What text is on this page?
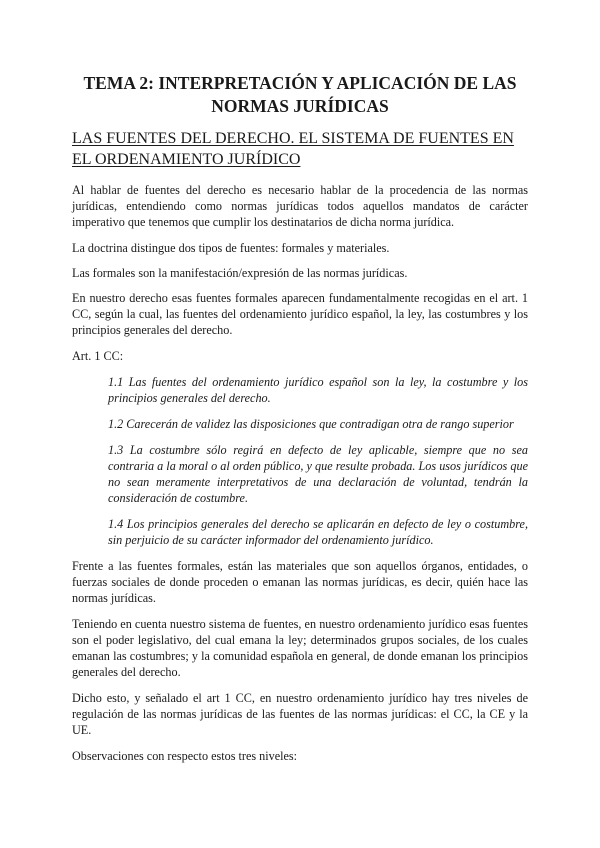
TEMA 2: INTERPRETACIÓN Y APLICACIÓN DE LAS NORMAS JURÍDICAS
LAS FUENTES DEL DERECHO. EL SISTEMA DE FUENTES EN EL ORDENAMIENTO JURÍDICO

Al hablar de fuentes del derecho es necesario hablar de la procedencia de las normas jurídicas, entendiendo como normas jurídicas todos aquellos mandatos de carácter imperativo que tenemos que cumplir los destinatarios de dicha norma jurídica.

La doctrina distingue dos tipos de fuentes: formales y materiales.

Las formales son la manifestación/expresión de las normas jurídicas.

En nuestro derecho esas fuentes formales aparecen fundamentalmente recogidas en el art. 1 CC, según la cual, las fuentes del ordenamiento jurídico español, la ley, las costumbres y los principios generales del derecho.

Art. 1 CC:

1.1 Las fuentes del ordenamiento jurídico español son la ley, la costumbre y los principios generales del derecho.

1.2 Carecerán de validez las disposiciones que contradigan otra de rango superior

1.3 La costumbre sólo regirá en defecto de ley aplicable, siempre que no sea contraria a la moral o al orden público, y que resulte probada. Los usos jurídicos que no sean meramente interpretativos de una declaración de voluntad, tendrán la consideración de costumbre.

1.4 Los principios generales del derecho se aplicarán en defecto de ley o costumbre, sin perjuicio de su carácter informador del ordenamiento jurídico.

Frente a las fuentes formales, están las materiales que son aquellos órganos, entidades, o fuerzas sociales de donde proceden o emanan las normas jurídicas, es decir, quién hace las normas jurídicas.

Teniendo en cuenta nuestro sistema de fuentes, en nuestro ordenamiento jurídico esas fuentes son el poder legislativo, del cual emana la ley; determinados grupos sociales, de los cuales emanan las costumbres; y la comunidad española en general, de donde emanan los principios generales del derecho.

Dicho esto, y señalado el art 1 CC, en nuestro ordenamiento jurídico hay tres niveles de regulación de las normas jurídicas de las fuentes de las normas jurídicas: el CC, la CE y la UE.

Observaciones con respecto estos tres niveles:
